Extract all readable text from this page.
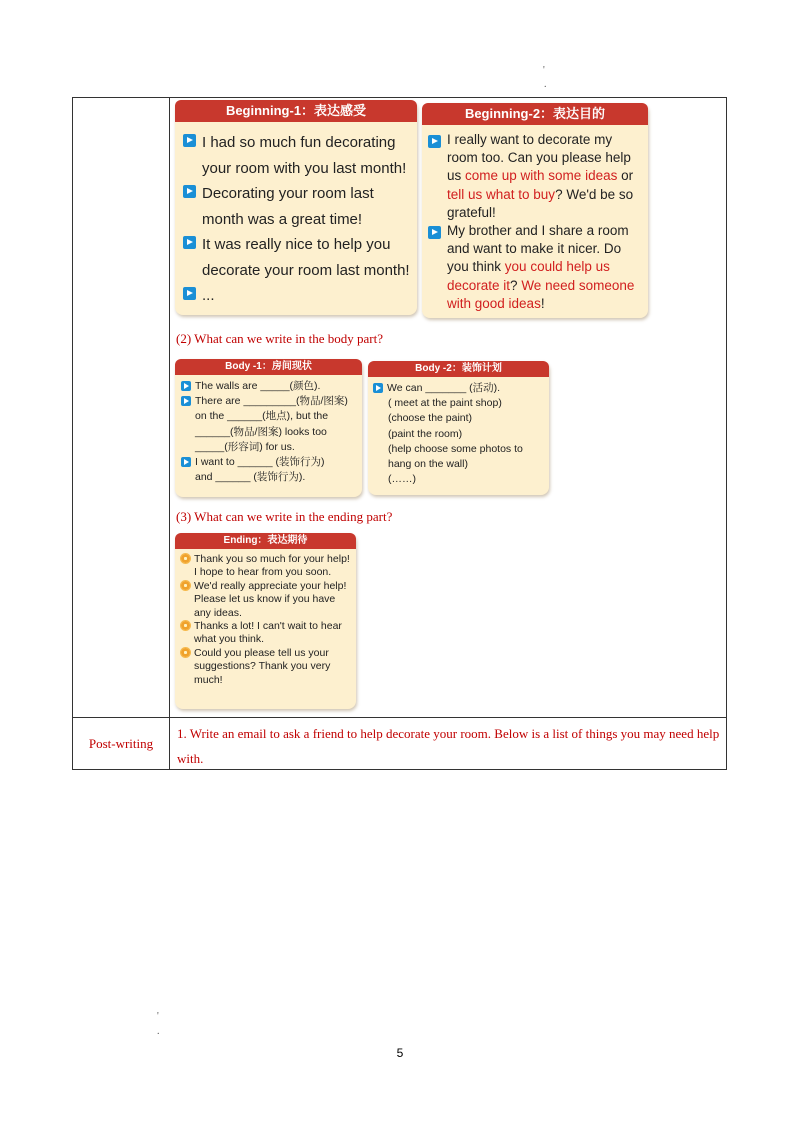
'
.
'
.
Post-writing
1. Write an email to ask a friend to help decorate your room. Below is a list of things you may need help with.
Beginning-1：表达感受
I had so much fun decorating your room with you last month!
Decorating your room last month was a great time!
It was really nice to help you decorate your room last month!
...
Beginning-2：表达目的
I really want to decorate my room too. Can you please help us come up with some ideas or tell us what to buy? We'd be so grateful!
My brother and I share a room and want to make it nicer. Do you think you could help us decorate it? We need someone with good ideas!
(2) What can we write in the body part?
Body -1：房间现状
The walls are _____(颜色).
There are _________(物品/图案) on the ______(地点), but the ______(物品/图案) looks too _____(形容词) for us.
I want to ______ (装饰行为)
and ______ (装饰行为).
Body -2：装饰计划
We can _______ (活动).
( meet at the paint shop)
(choose the paint)
(paint the room)
(help choose some photos to hang on the wall)
(……)
(3) What can we write in the ending part?
Ending：表达期待
Thank you so much for your help! I hope to hear from you soon.
We'd really appreciate your help! Please let us know if you have any ideas.
Thanks a lot! I can't wait to hear what you think.
Could you please tell us your suggestions? Thank you very much!
5
